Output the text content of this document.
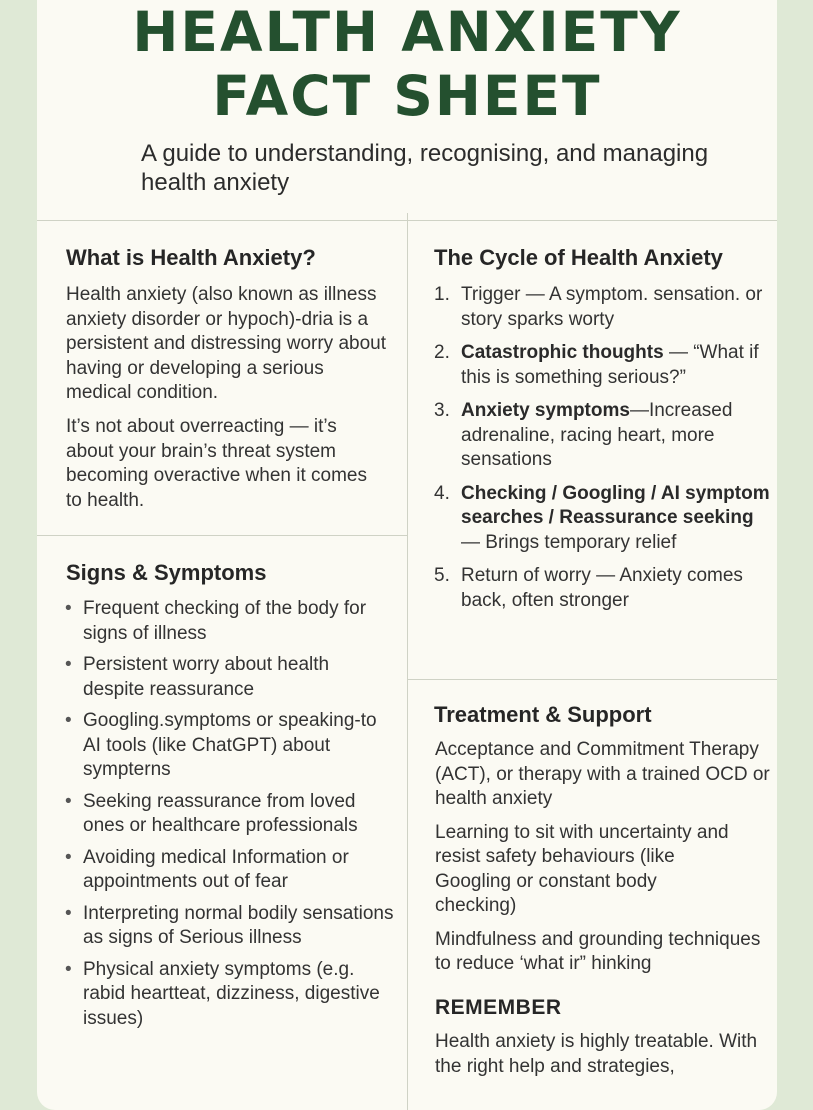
HEALTH ANXIETY
FACT SHEET

A guide to understanding, recognising, and managing health anxiety

What is Health Anxiety?

Health anxiety (also known as illness anxiety disorder or hypoch)-dria is a persistent and distressing worry about having or developing a serious medical condition.

It’s not about overreacting — it’s about your brain’s threat system becoming overactive when it comes to health.

Signs & Symptoms
• Frequent checking of the body for signs of illness
• Persistent worry about health despite reassurance
• Googling.symptoms or speaking-to AI tools (like ChatGPT) about sympterns
• Seeking reassurance from loved ones or healthcare professionals
• Avoiding medical Information or appointments out of fear
• Interpreting normal bodily sensations as signs of Serious illness
• Physical anxiety symptoms (e.g. rabid heartteat, dizziness, digestive issues)
The Cycle of Health Anxiety
1. Trigger — A symptom. sensation. or story sparks worty
2. Catastrophic thoughts — “What if this is something serious?”
3. Anxiety symptoms—Increased adrenaline, racing heart, more sensations
4. Checking / Googling / AI symptom searches / Reassurance seeking — Brings temporary relief
5. Return of worry — Anxiety comes back, often stronger
Treatment & Support

Acceptance and Commitment Therapy (ACT), or therapy with a trained OCD or health anxiety

Learning to sit with uncertainty and resist safety behaviours (like Googling or constant body checking)

Mindfulness and grounding techniques to reduce ‘what ir” hinking

REMEMBER

Health anxiety is highly treatable. With the right help and strategies,
